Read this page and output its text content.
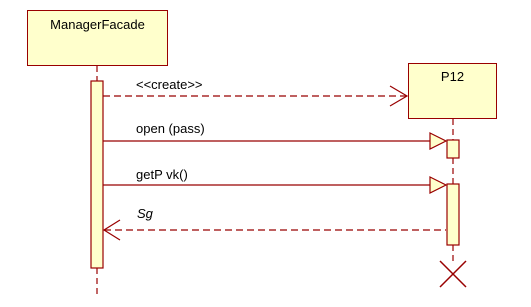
ManagerFacade
P12
<<create>>
open (pass)
getP vk()
Sg
